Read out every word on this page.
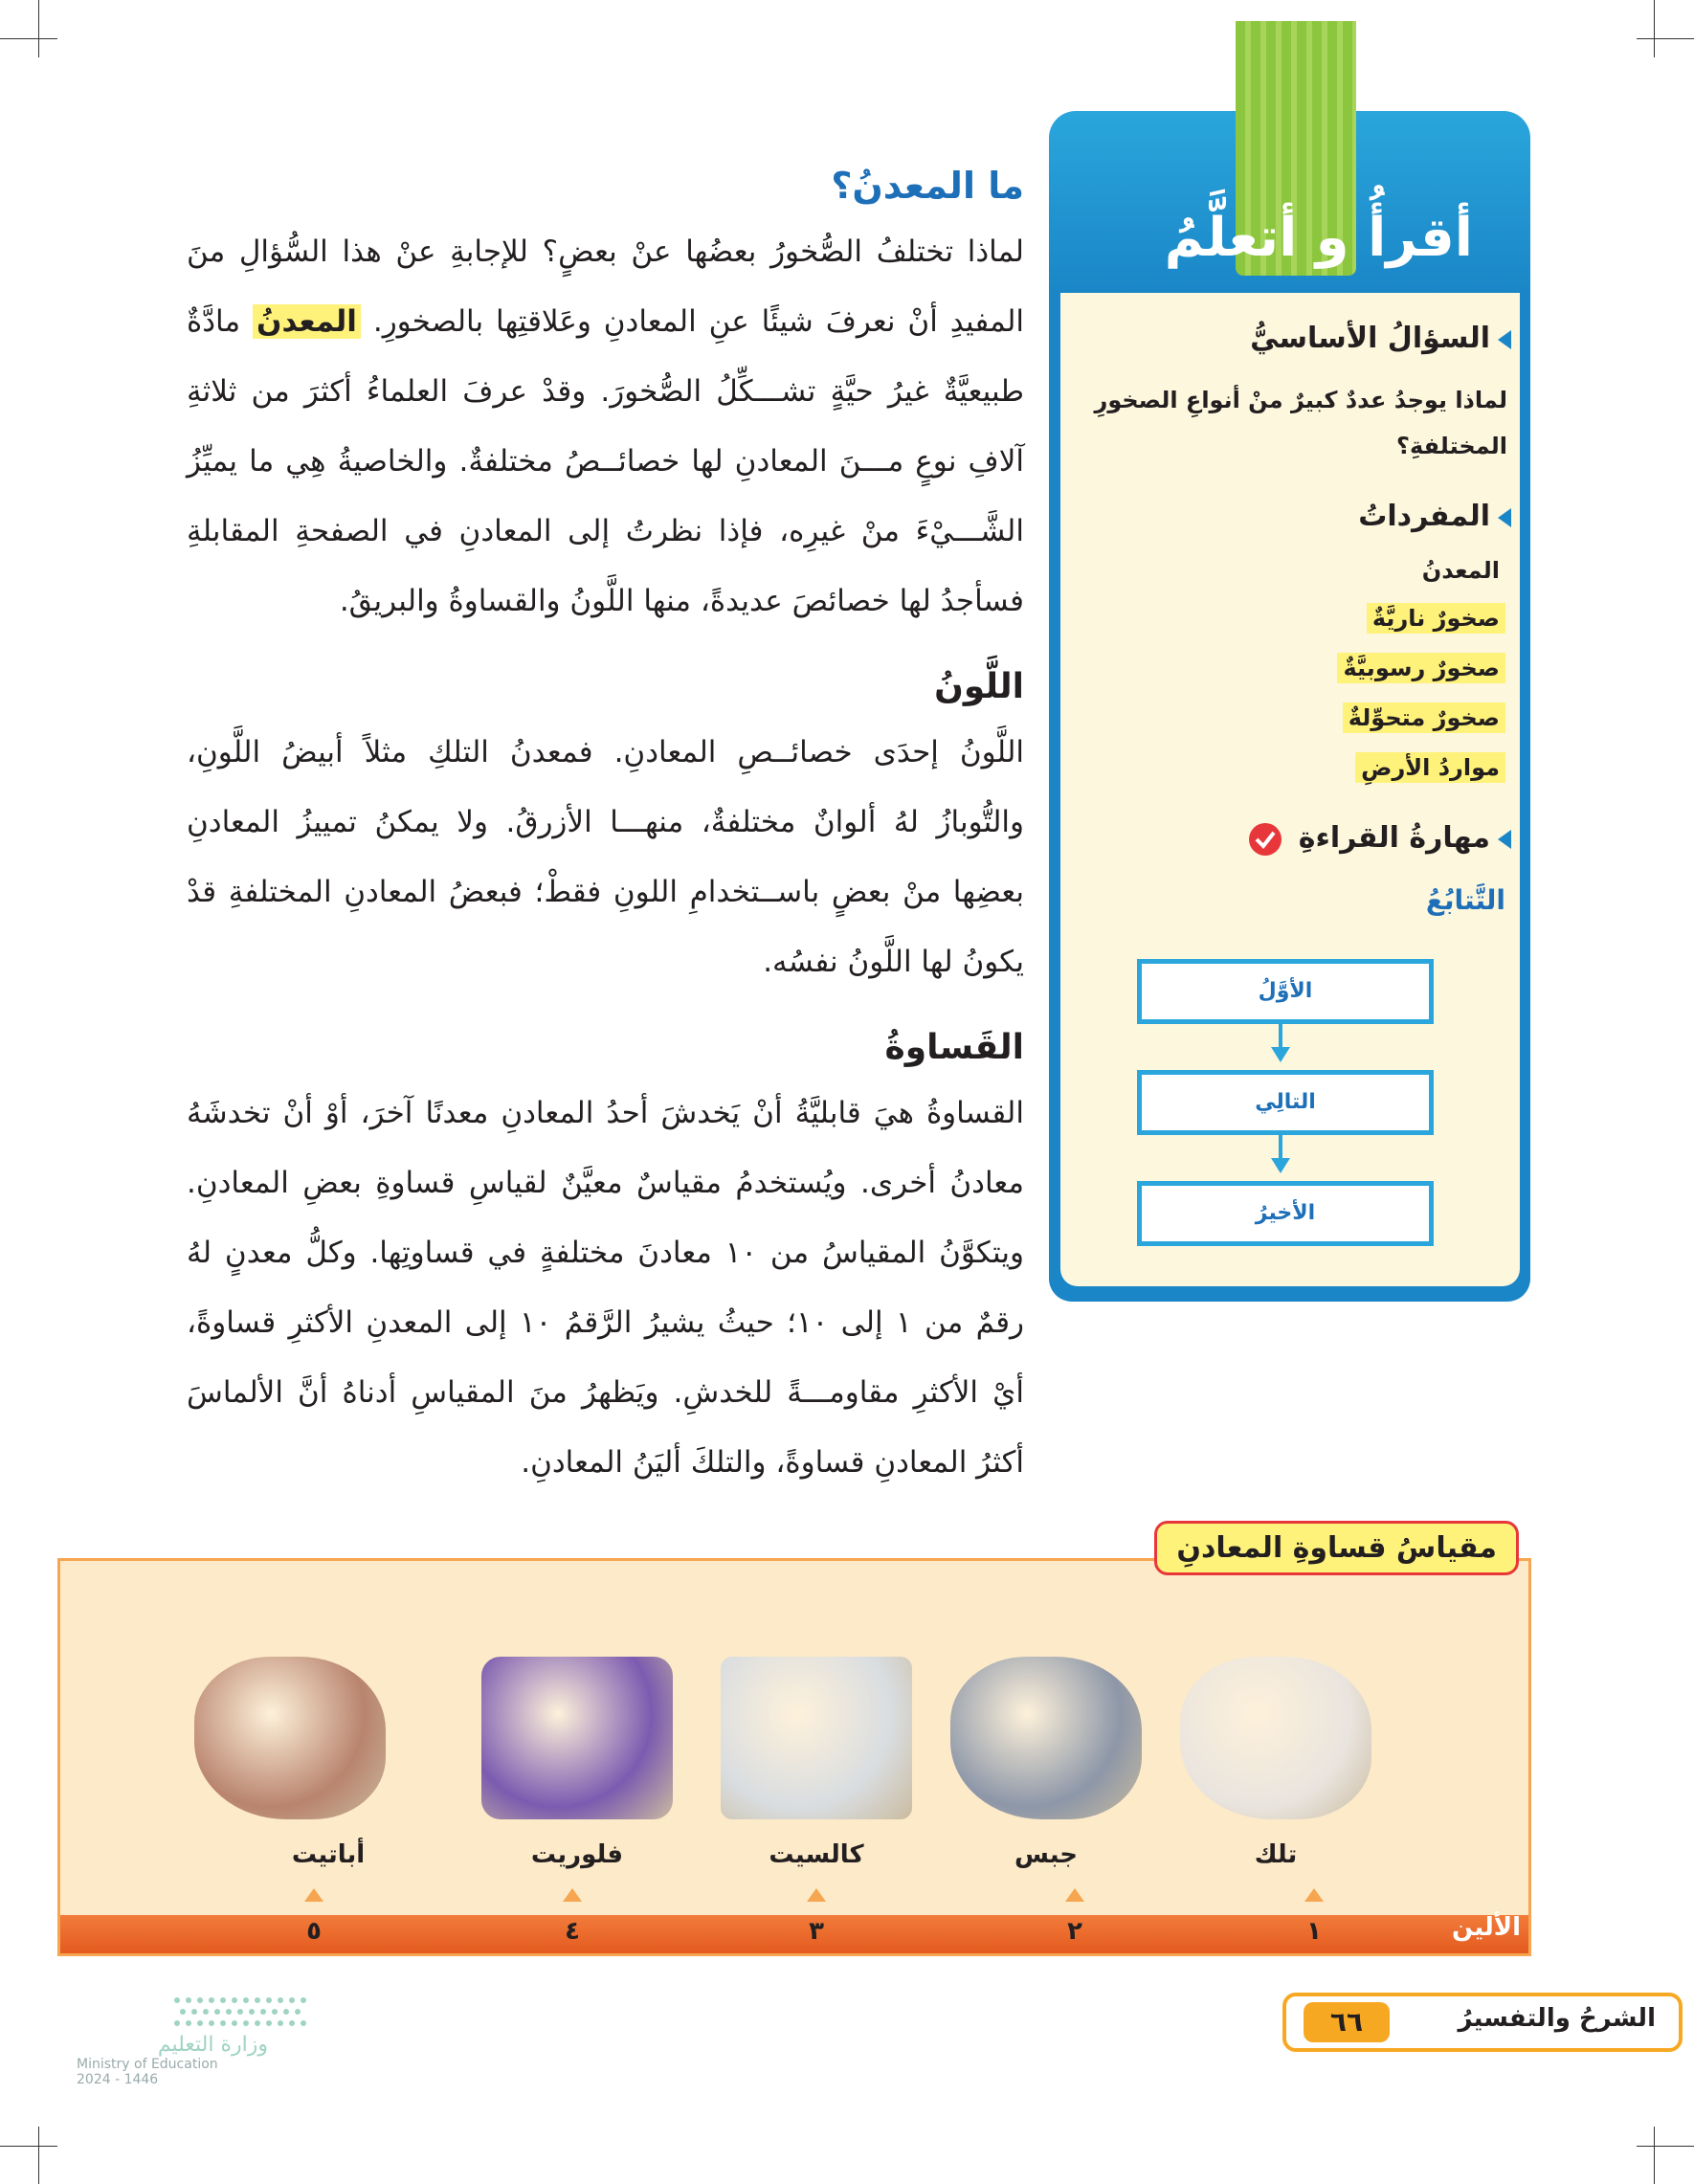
ما المعدنُ؟

لماذا تختلفُ الصُّخورُ بعضُها عنْ بعضٍ؟ للإجابةِ عنْ هذا السُّؤالِ منَ المفيدِ أنْ نعرفَ شيئًا عنِ المعادنِ وعَلاقتِها بالصخورِ. المعدنُ مادَّةٌ طبيعيَّةٌ غيرُ حيَّةٍ تشـــكِّلُ الصُّخورَ. وقدْ عرفَ العلماءُ أكثرَ من ثلاثةِ آلافِ نوعٍ مـــنَ المعادنِ لها خصائــصُ مختلفةٌ. والخاصيةُ هِي ما يميِّزُ الشَّـــيْءَ منْ غيرِه، فإذا نظرتُ إلى المعادنِ في الصفحةِ المقابلةِ فسأجدُ لها خصائصَ عديدةً، منها اللَّونُ والقساوةُ والبريقُ.

اللَّونُ

اللَّونُ إحدَى خصائــصِ المعادنِ. فمعدنُ التلكِ مثلاً أبيضُ اللَّونِ، والتُّوبازُ لهُ ألوانٌ مختلفةٌ، منهـــا الأزرقُ. ولا يمكنُ تمييزُ المعادنِ بعضِها منْ بعضٍ باســتخدامِ اللونِ فقطْ؛ فبعضُ المعادنِ المختلفةِ قدْ يكونُ لها اللَّونُ نفسُه.

القَساوةُ

القساوةُ هيَ قابليَّةُ أنْ يَخدشَ أحدُ المعادنِ معدنًا آخرَ، أوْ أنْ تخدشَهُ معادنُ أخرى. ويُستخدمُ مقياسٌ معيَّنٌ لقياسِ قساوةِ بعضِ المعادنِ. ويتكوَّنُ المقياسُ من ١٠ معادنَ مختلفةٍ في قساوتِها. وكلُّ معدنٍ لهُ رقمٌ من ١ إلى ١٠؛ حيثُ يشيرُ الرَّقمُ ١٠ إلى المعدنِ الأكثرِ قساوةً، أيْ الأكثرِ مقاومـــةً للخدشِ. ويَظهرُ منَ المقياسِ أدناهُ أنَّ الألماسَ أكثرُ المعادنِ قساوةً، والتلكَ أليَنُ المعادنِ.

أقرأُ و أتعلَّمُ
السؤالُ الأساسيُّ
لماذا يوجدُ عددٌ كبيرٌ منْ أنواعِ الصخورِ المختلفةِ؟
المفرداتُ
المعدنُ
صخورٌ ناريَّةٌ
صخورٌ رسوبيَّةٌ
صخورٌ متحوِّلةٌ
مواردُ الأرضِ
مهارةُ القراءةِ
التَّتابُعُ
الأوَّلُ
التالِي
الأخيرُ
مقياسُ قساوةِ المعادنِ
تلك
جبس
كالسيت
فلوريت
أباتيت
١
٢
٣
٤
٥	الألين
٦٦	الشرحُ والتفسيرُ
وزارة التعليم
Ministry of Education
2024 - 1446
